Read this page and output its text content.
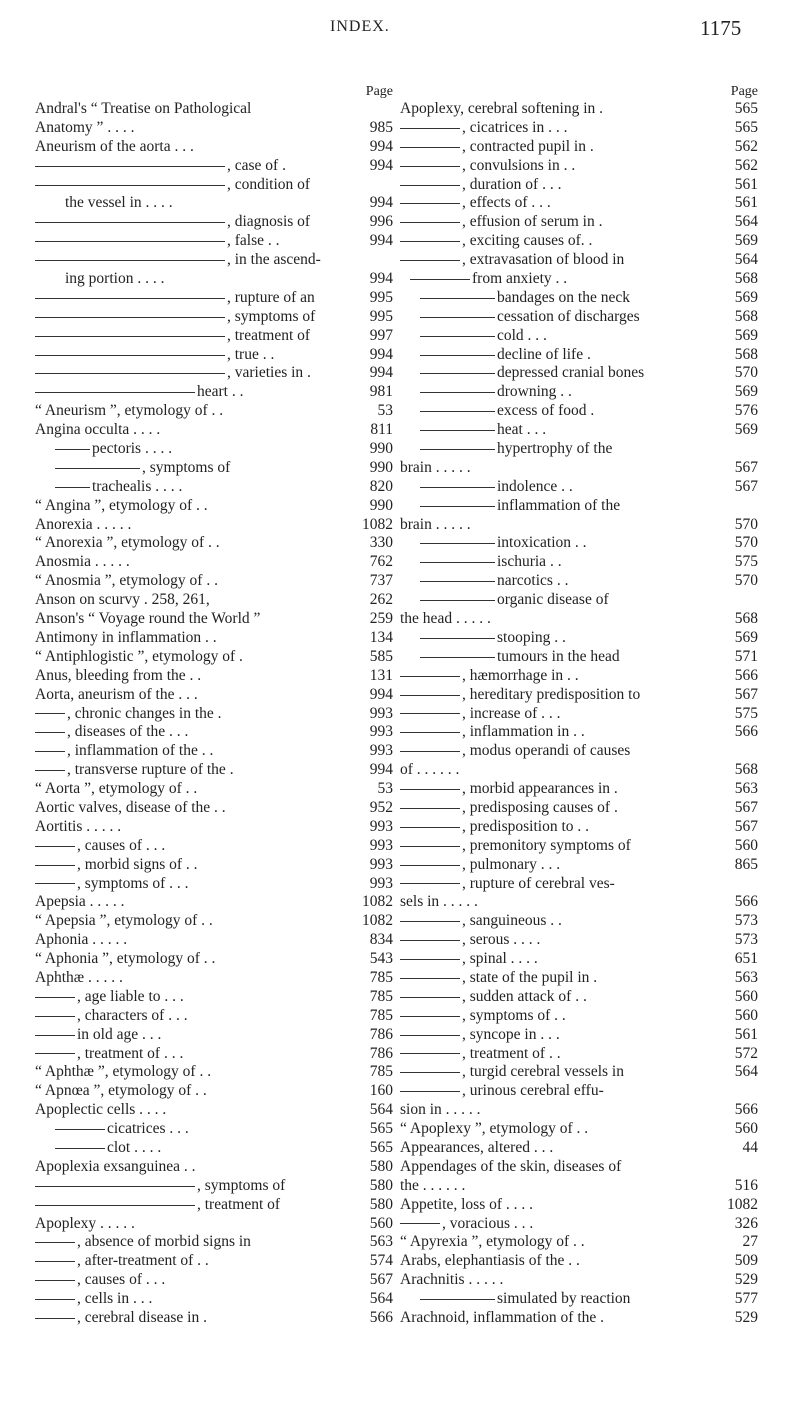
INDEX.	1175
Page
Andral's “ Treatise on Pathological
Anatomy ” . . . .	985
Aneurism of the aorta . . .	994
, case of .	994
, condition of
the vessel in . . . .	994
, diagnosis of	996
, false . .	994
, in the ascend-
ing portion . . . .	994
, rupture of an	995
, symptoms of	995
, treatment of	997
, true . .	994
, varieties in .	994
heart . .	981
“ Aneurism ”, etymology of . .	53
Angina occulta . . . .	811
pectoris . . . .	990
, symptoms of	990
trachealis . . . .	820
“ Angina ”, etymology of . .	990
Anorexia . . . . .	1082
“ Anorexia ”, etymology of . .	330
Anosmia . . . . .	762
“ Anosmia ”, etymology of . .	737
Anson on scurvy . 258, 261,	262
Anson's “ Voyage round the World ”	259
Antimony in inflammation . .	134
“ Antiphlogistic ”, etymology of .	585
Anus, bleeding from the . .	131
Aorta, aneurism of the . . .	994
, chronic changes in the .	993
, diseases of the . . .	993
, inflammation of the . .	993
, transverse rupture of the .	994
“ Aorta ”, etymology of . .	53
Aortic valves, disease of the . .	952
Aortitis . . . . .	993
, causes of . . .	993
, morbid signs of . .	993
, symptoms of . . .	993
Apepsia . . . . .	1082
“ Apepsia ”, etymology of . .	1082
Aphonia . . . . .	834
“ Aphonia ”, etymology of . .	543
Aphthæ . . . . .	785
, age liable to . . .	785
, characters of . . .	785
in old age . . .	786
, treatment of . . .	786
“ Aphthæ ”, etymology of . .	785
“ Apnœa ”, etymology of . .	160
Apoplectic cells . . . .	564
cicatrices . . .	565
clot . . . .	565
Apoplexia exsanguinea . .	580
, symptoms of	580
, treatment of	580
Apoplexy . . . . .	560
, absence of morbid signs in	563
, after-treatment of . .	574
, causes of . . .	567
, cells in . . .	564
, cerebral disease in .	566
Page
Apoplexy, cerebral softening in .	565
, cicatrices in . . .	565
, contracted pupil in .	562
, convulsions in . .	562
, duration of . . .	561
, effects of . . .	561
, effusion of serum in .	564
, exciting causes of. .	569
, extravasation of blood in	564
from anxiety . .	568
bandages on the neck	569
cessation of discharges	568
cold . . .	569
decline of life .	568
depressed cranial bones	570
drowning . .	569
excess of food .	576
heat . . .	569
hypertrophy of the
brain . . . . .	567
indolence . .	567
inflammation of the
brain . . . . .	570
intoxication . .	570
ischuria . .	575
narcotics . .	570
organic disease of
the head . . . . .	568
stooping . .	569
tumours in the head	571
, hæmorrhage in . .	566
, hereditary predisposition to	567
, increase of . . .	575
, inflammation in . .	566
, modus operandi of causes
of . . . . . .	568
, morbid appearances in .	563
, predisposing causes of .	567
, predisposition to . .	567
, premonitory symptoms of	560
, pulmonary . . .	865
, rupture of cerebral ves-
sels in . . . . .	566
, sanguineous . .	573
, serous . . . .	573
, spinal . . . .	651
, state of the pupil in .	563
, sudden attack of . .	560
, symptoms of . .	560
, syncope in . . .	561
, treatment of . .	572
, turgid cerebral vessels in	564
, urinous cerebral effu-
sion in . . . . .	566
“ Apoplexy ”, etymology of . .	560
Appearances, altered . . .	44
Appendages of the skin, diseases of
the . . . . . .	516
Appetite, loss of . . . .	1082
, voracious . . .	326
“ Apyrexia ”, etymology of . .	27
Arabs, elephantiasis of the . .	509
Arachnitis . . . . .	529
simulated by reaction	577
Arachnoid, inflammation of the .	529
